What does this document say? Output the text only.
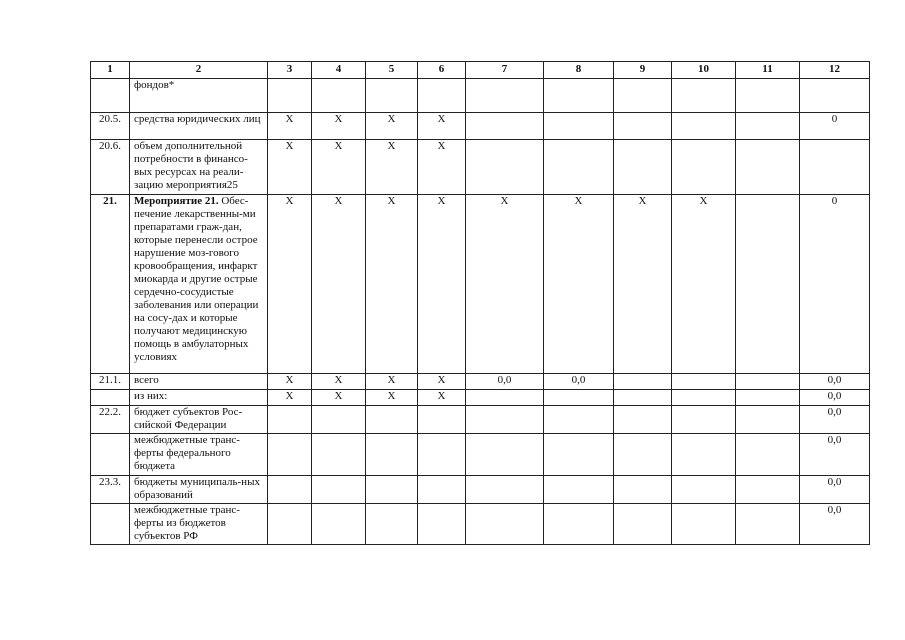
1	2	3	4	5	6	7	8	9	10	11	12
	фондов*										
20.5.	средства юридических лиц	Х	Х	Х	Х						0
20.6.	объем дополнительной потребности в финансо-вых ресурсах на реали-зацию мероприятия25	Х	Х	Х	Х						
21.	Мероприятие 21. Обес-печение лекарственны-ми препаратами граж-дан, которые перенесли острое нарушение моз-гового кровообращения, инфаркт миокарда и другие острые сердечно-сосудистые заболевания или операции на сосу-дах и которые получают медицинскую помощь в амбулаторных условиях	Х	Х	Х	Х	Х	Х	Х	Х		0
21.1.	всего	Х	Х	Х	Х	0,0	0,0				0,0
	из них:	Х	Х	Х	Х						0,0
22.2.	бюджет субъектов Рос-сийской Федерации										0,0
	межбюджетные транс-ферты федерального бюджета										0,0
23.3.	бюджеты муниципаль-ных образований										0,0
	межбюджетные транс-ферты из бюджетов субъектов РФ										0,0
